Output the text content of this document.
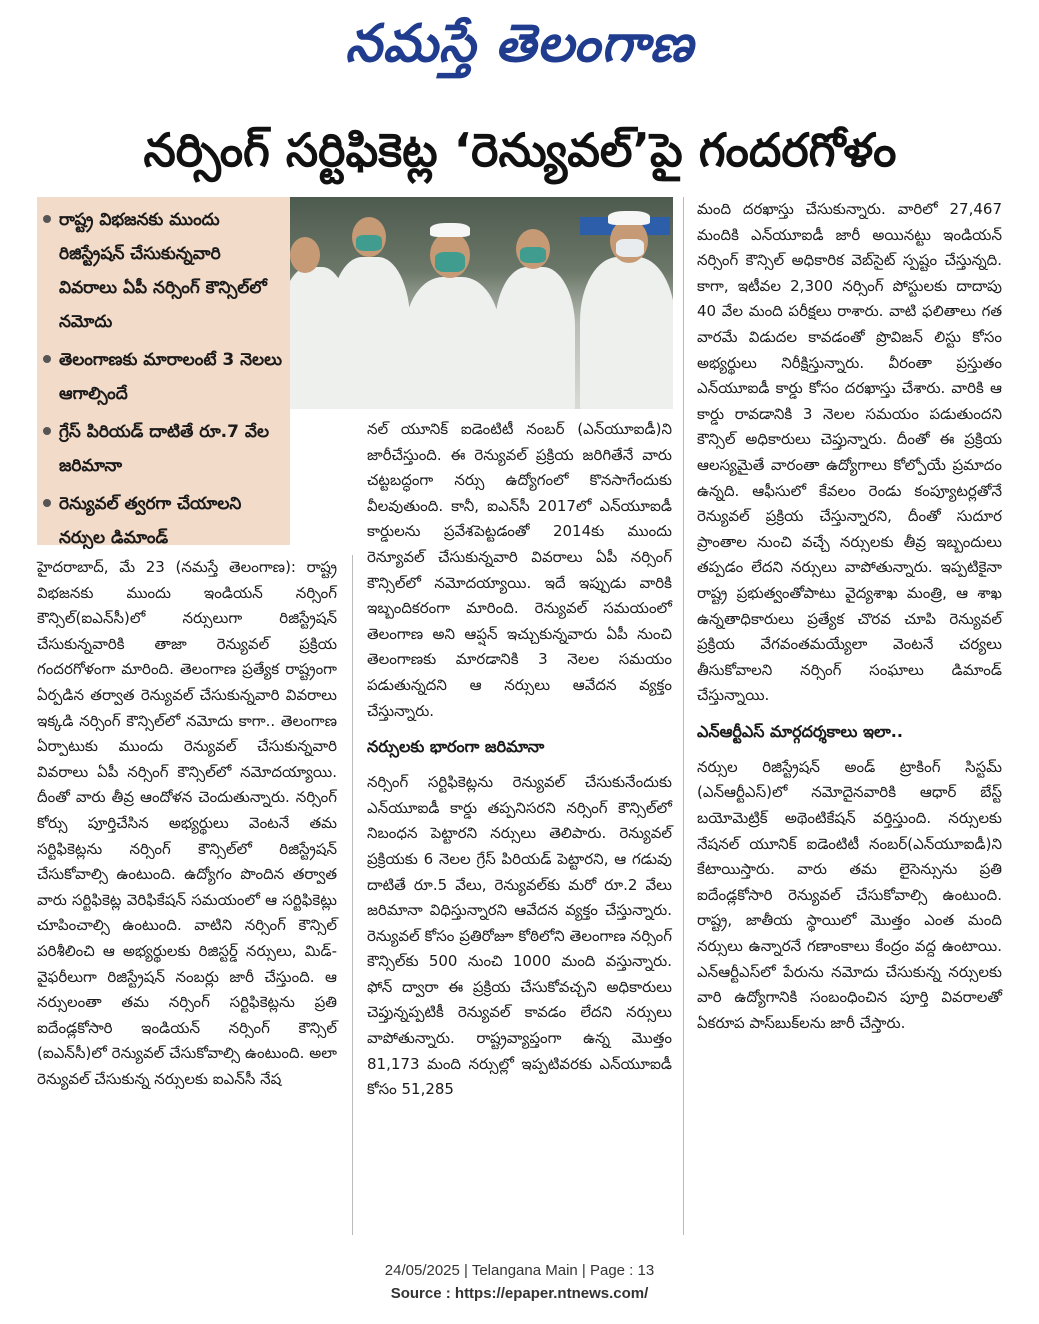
నమస్తే తెలంగాణ
నర్సింగ్ సర్టిఫికెట్ల ‘రెన్యువల్’పై గందరగోళం
రాష్ట్ర విభజనకు ముందు రిజిస్ట్రేషన్ చేసుకున్నవారి వివరాలు ఏపీ నర్సింగ్ కౌన్సిల్‌లో నమోదు
తెలంగాణకు మారాలంటే 3 నెలలు ఆగాల్సిందే
గ్రేస్ పిరియడ్ దాటితే రూ.7 వేల జరిమానా
రెన్యువల్ త్వరగా చేయాలని నర్సుల డిమాండ్

హైదరాబాద్, మే 23 (నమస్తే తెలంగాణ): రాష్ట్ర విభజనకు ముందు ఇండియన్ నర్సింగ్ కౌన్సిల్(ఐఎన్‌సీ)లో నర్సులుగా రిజిస్ట్రేషన్ చేసుకున్నవారికి తాజా రెన్యువల్ ప్రక్రియ గందరగోళంగా మారింది. తెలంగాణ ప్రత్యేక రాష్ట్రంగా ఏర్పడిన తర్వాత రెన్యువల్ చేసుకున్నవారి వివరాలు ఇక్కడి నర్సింగ్ కౌన్సిల్‌లో నమోదు కాగా.. తెలంగాణ ఏర్పాటుకు ముందు రెన్యువల్ చేసుకున్నవారి వివరాలు ఏపీ నర్సింగ్ కౌన్సిల్‌లో నమోదయ్యాయి. దీంతో వారు తీవ్ర ఆందోళన చెందుతున్నారు. నర్సింగ్ కోర్సు పూర్తిచేసిన అభ్యర్థులు వెంటనే తమ సర్టిఫికెట్లను నర్సింగ్ కౌన్సిల్‌లో రిజిస్ట్రేషన్ చేసుకోవాల్సి ఉంటుంది. ఉద్యోగం పొందిన తర్వాత వారు సర్టిఫికెట్ల వెరిఫికేషన్ సమయంలో ఆ సర్టిఫికెట్లు చూపించాల్సి ఉంటుంది. వాటిని నర్సింగ్ కౌన్సిల్ పరిశీలించి ఆ అభ్యర్థులకు రిజిస్టర్డ్ నర్సులు, మిడ్-వైఫరీలుగా రిజిస్ట్రేషన్ నంబర్లు జారీ చేస్తుంది. ఆ నర్సులంతా తమ నర్సింగ్ సర్టిఫికెట్లను ప్రతి ఐదేండ్లకోసారి ఇండియన్ నర్సింగ్ కౌన్సిల్ (ఐఎన్‌సీ)లో రెన్యువల్ చేసుకోవాల్సి ఉంటుంది. అలా రెన్యువల్ చేసుకున్న నర్సులకు ఐఎన్‌సీ నేష

నల్ యూనిక్ ఐడెంటిటీ నంబర్ (ఎన్‌యూఐడీ)ని జారీచేస్తుంది. ఈ రెన్యువల్ ప్రక్రియ జరిగితేనే వారు చట్టబద్ధంగా నర్సు ఉద్యోగంలో కొనసాగేందుకు వీలవుతుంది. కానీ, ఐఎన్‌సీ 2017లో ఎన్‌యూఐడీ కార్డులను ప్రవేశపెట్టడంతో 2014కు ముందు రెన్యూవల్ చేసుకున్నవారి వివరాలు ఏపీ నర్సింగ్ కౌన్సిల్‌లో నమోదయ్యాయి. ఇదే ఇప్పుడు వారికి ఇబ్బందికరంగా మారింది. రెన్యువల్ సమయంలో తెలంగాణ అని ఆప్షన్ ఇచ్చుకున్నవారు ఏపీ నుంచి తెలంగాణకు మారడానికి 3 నెలల సమయం పడుతున్నదని ఆ నర్సులు ఆవేదన వ్యక్తం చేస్తున్నారు.

నర్సులకు భారంగా జరిమానా

నర్సింగ్ సర్టిఫికెట్లను రెన్యువల్ చేసుకునేందుకు ఎన్‌యూఐడీ కార్డు తప్పనిసరని నర్సింగ్ కౌన్సిల్‌లో నిబంధన పెట్టారని నర్సులు తెలిపారు. రెన్యువల్ ప్రక్రియకు 6 నెలల గ్రేస్ పిరియడ్ పెట్టారని, ఆ గడువు దాటితే రూ.5 వేలు, రెన్యువల్‌కు మరో రూ.2 వేలు జరిమానా విధిస్తున్నారని ఆవేదన వ్యక్తం చేస్తున్నారు. రెన్యువల్ కోసం ప్రతిరోజూ కోఠిలోని తెలంగాణ నర్సింగ్ కౌన్సిల్‌కు 500 నుంచి 1000 మంది వస్తున్నారు. ఫోన్ ద్వారా ఈ ప్రక్రియ చేసుకోవచ్చని అధికారులు చెప్తున్నప్పటికీ రెన్యువల్ కావడం లేదని నర్సులు వాపోతున్నారు. రాష్ట్రవ్యాప్తంగా ఉన్న మొత్తం 81,173 మంది నర్సుల్లో ఇప్పటివరకు ఎన్‌యూఐడీ కోసం 51,285

మంది దరఖాస్తు చేసుకున్నారు. వారిలో 27,467 మందికి ఎన్‌యూఐడీ జారీ అయినట్టు ఇండియన్ నర్సింగ్ కౌన్సిల్ అధికారిక వెబ్‌సైట్ స్పష్టం చేస్తున్నది. కాగా, ఇటీవల 2,300 నర్సింగ్ పోస్టులకు దాదాపు 40 వేల మంది పరీక్షలు రాశారు. వాటి ఫలితాలు గత వారమే విడుదల కావడంతో ప్రొవిజన్ లిస్టు కోసం అభ్యర్థులు నిరీక్షిస్తున్నారు. వీరంతా ప్రస్తుతం ఎన్‌యూఐడీ కార్డు కోసం దరఖాస్తు చేశారు. వారికి ఆ కార్డు రావడానికి 3 నెలల సమయం పడుతుందని కౌన్సిల్ అధికారులు చెప్తున్నారు. దీంతో ఈ ప్రక్రియ ఆలస్యమైతే వారంతా ఉద్యోగాలు కోల్పోయే ప్రమాదం ఉన్నది. ఆఫీసులో కేవలం రెండు కంప్యూటర్లతోనే రెన్యువల్ ప్రక్రియ చేస్తున్నారని, దీంతో సుదూర ప్రాంతాల నుంచి వచ్చే నర్సులకు తీవ్ర ఇబ్బందులు తప్పడం లేదని నర్సులు వాపోతున్నారు. ఇప్పటికైనా రాష్ట్ర ప్రభుత్వంతోపాటు వైద్యశాఖ మంత్రి, ఆ శాఖ ఉన్నతాధికారులు ప్రత్యేక చొరవ చూపి రెన్యువల్ ప్రక్రియ వేగవంతమయ్యేలా వెంటనే చర్యలు తీసుకోవాలని నర్సింగ్ సంఘాలు డిమాండ్ చేస్తున్నాయి.

ఎన్‌ఆర్టీఎస్ మార్గదర్శకాలు ఇలా..

నర్సుల రిజిస్ట్రేషన్ అండ్ ట్రాకింగ్ సిస్టమ్ (ఎన్‌ఆర్టీఎస్)లో నమోదైనవారికి ఆధార్ బేస్ట్ బయోమెట్రిక్ అథెంటికేషన్ వర్తిస్తుంది. నర్సులకు నేషనల్ యూనిక్ ఐడెంటిటీ నంబర్(ఎన్‌యూఐడీ)ని కేటాయిస్తారు. వారు తమ లైసెన్సును ప్రతి ఐదేండ్లకోసారి రెన్యువల్ చేసుకోవాల్సి ఉంటుంది. రాష్ట్ర, జాతీయ స్థాయిలో మొత్తం ఎంత మంది నర్సులు ఉన్నారనే గణాంకాలు కేంద్రం వద్ద ఉంటాయి. ఎన్‌ఆర్టీఎస్‌లో పేరును నమోదు చేసుకున్న నర్సులకు వారి ఉద్యోగానికి సంబంధించిన పూర్తి వివరాలతో ఏకరూప పాస్‌బుక్‌లను జారీ చేస్తారు.

24/05/2025 | Telangana Main | Page : 13
Source : https://epaper.ntnews.com/
